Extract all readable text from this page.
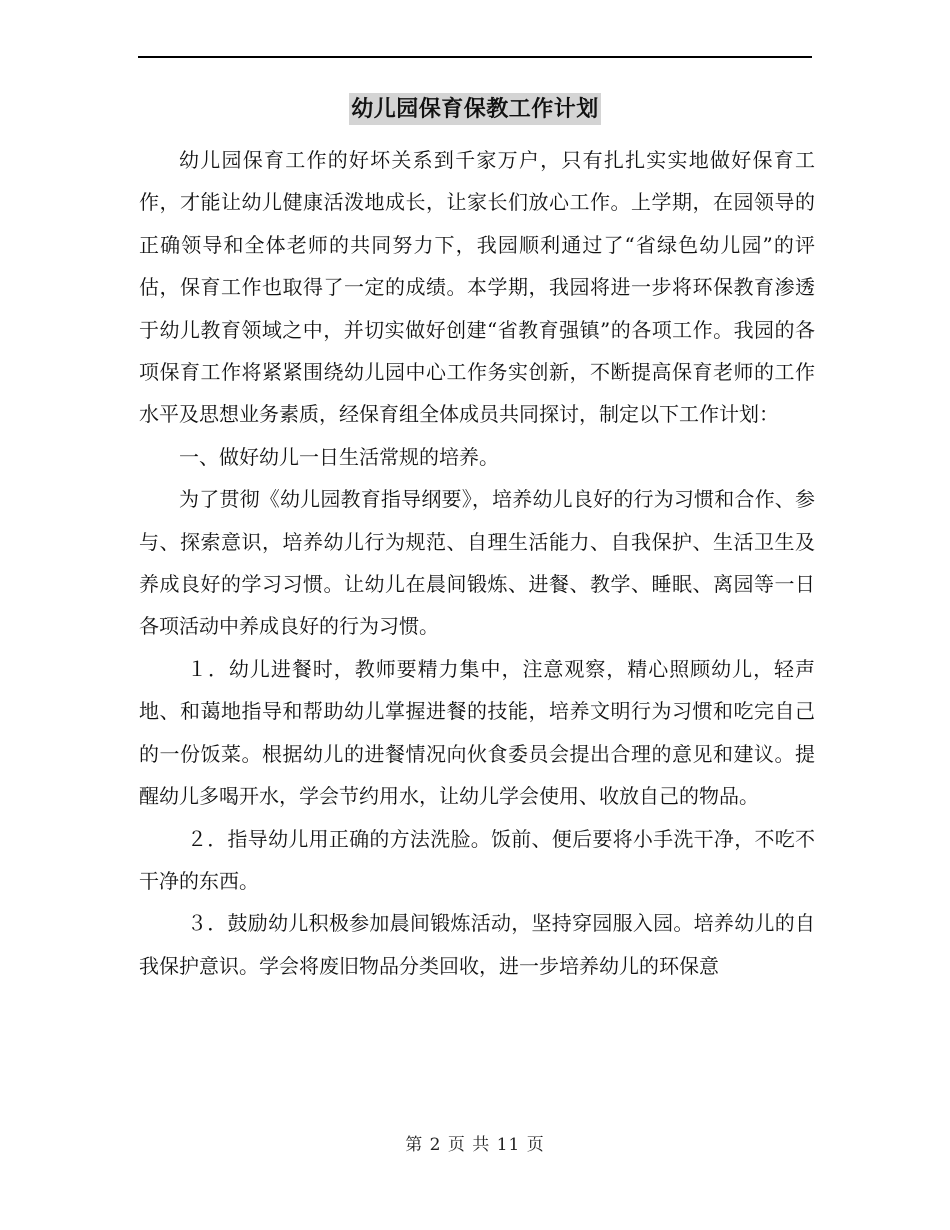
幼儿园保育保教工作计划

幼儿园保育工作的好坏关系到千家万户，只有扎扎实实地做好保育工作，才能让幼儿健康活泼地成长，让家长们放心工作。上学期，在园领导的正确领导和全体老师的共同努力下，我园顺利通过了“省绿色幼儿园”的评估，保育工作也取得了一定的成绩。本学期，我园将进一步将环保教育渗透于幼儿教育领域之中，并切实做好创建“省教育强镇”的各项工作。我园的各项保育工作将紧紧围绕幼儿园中心工作务实创新，不断提高保育老师的工作水平及思想业务素质，经保育组全体成员共同探讨，制定以下工作计划：

一、做好幼儿一日生活常规的培养。

为了贯彻《幼儿园教育指导纲要》，培养幼儿良好的行为习惯和合作、参与、探索意识，培养幼儿行为规范、自理生活能力、自我保护、生活卫生及养成良好的学习习惯。让幼儿在晨间锻炼、进餐、教学、睡眠、离园等一日各项活动中养成良好的行为习惯。

１．幼儿进餐时，教师要精力集中，注意观察，精心照顾幼儿，轻声地、和蔼地指导和帮助幼儿掌握进餐的技能，培养文明行为习惯和吃完自己的一份饭菜。根据幼儿的进餐情况向伙食委员会提出合理的意见和建议。提醒幼儿多喝开水，学会节约用水，让幼儿学会使用、收放自己的物品。

２．指导幼儿用正确的方法洗脸。饭前、便后要将小手洗干净，不吃不干净的东西。

３．鼓励幼儿积极参加晨间锻炼活动，坚持穿园服入园。培养幼儿的自我保护意识。学会将废旧物品分类回收，进一步培养幼儿的环保意

第 2 页 共 11 页
